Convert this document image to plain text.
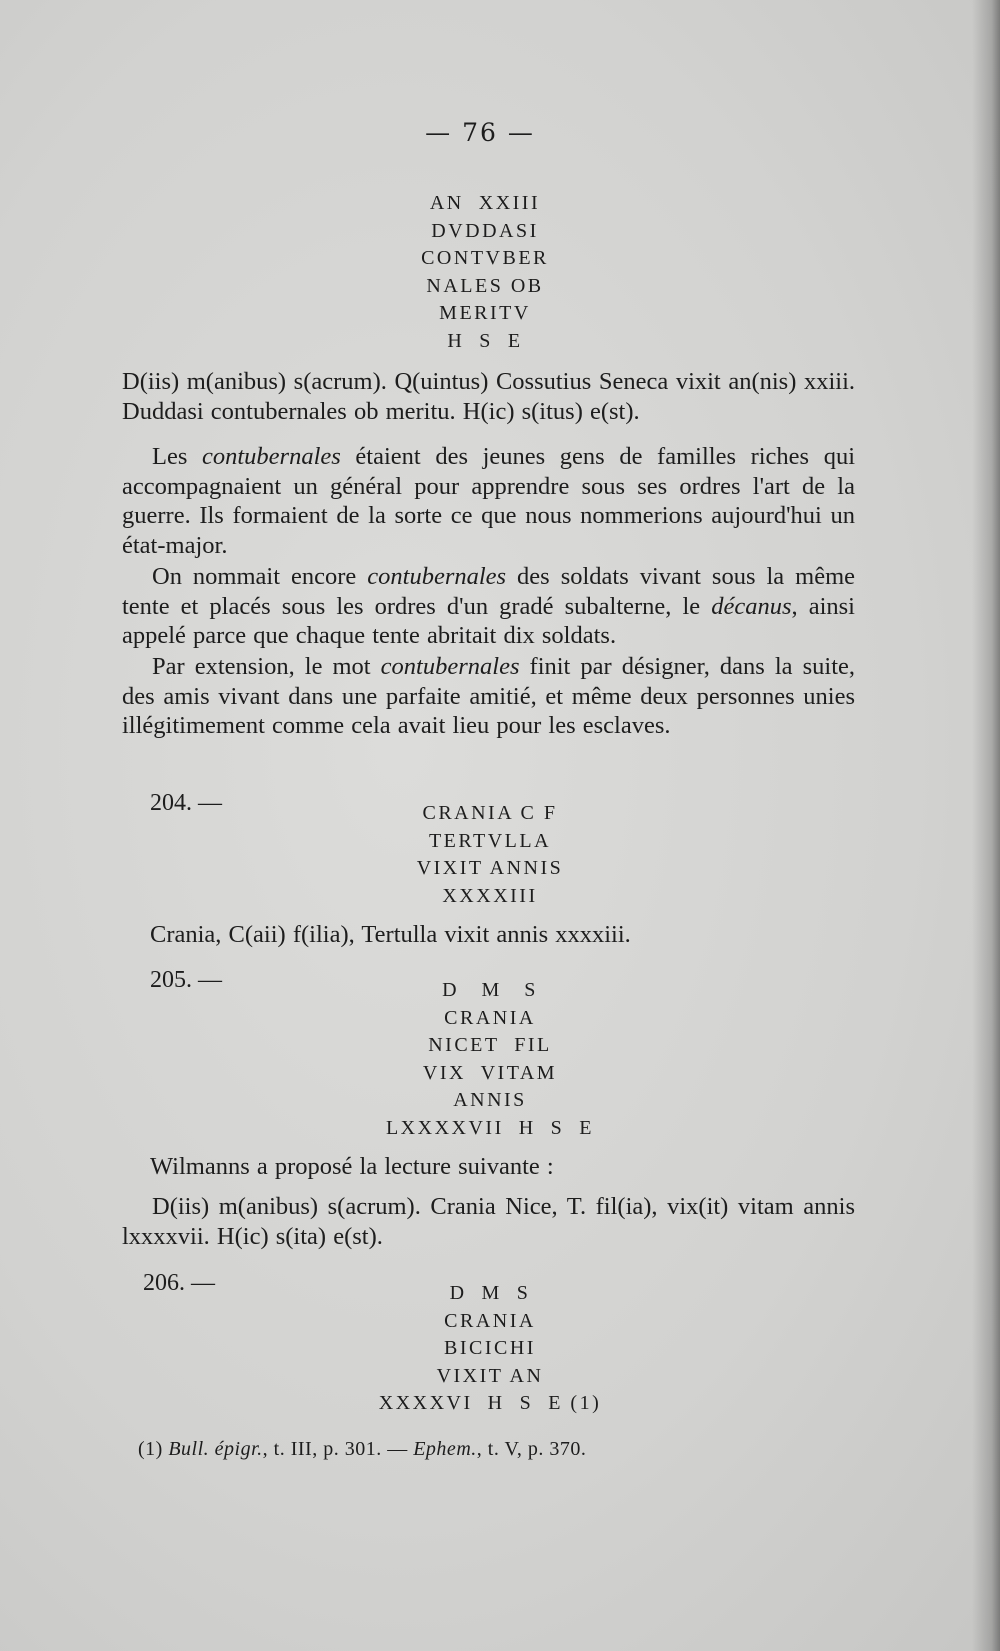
— 76 —
AN  XXIII
DVDDASI
CONTVBER
NALES OB
MERITV
H  S  E
D(iis) m(anibus) s(acrum). Q(uintus) Cossutius Seneca vixit an(nis) xxiii. Duddasi contubernales ob meritu. H(ic) s(itus) e(st).
Les contubernales étaient des jeunes gens de familles riches qui accompagnaient un général pour apprendre sous ses ordres l'art de la guerre. Ils formaient de la sorte ce que nous nommerions aujourd'hui un état-major.
On nommait encore contubernales des soldats vivant sous la même tente et placés sous les ordres d'un gradé subalterne, le décanus, ainsi appelé parce que chaque tente abritait dix soldats.
Par extension, le mot contubernales finit par désigner, dans la suite, des amis vivant dans une parfaite amitié, et même deux personnes unies illégitimement comme cela avait lieu pour les esclaves.
204. —	CRANIA C F
TERTVLLA
VIXIT ANNIS
XXXXIII
Crania, C(aii) f(ilia), Tertulla vixit annis xxxxiii.
205. —	D   M   S
CRANIA
NICET  FIL
VIX  VITAM
ANNIS
LXXXXVII  H  S  E
Wilmanns a proposé la lecture suivante :
D(iis) m(anibus) s(acrum). Crania Nice, T. fil(ia), vix(it) vitam annis lxxxxvii. H(ic) s(ita) e(st).
206. —	D  M  S
CRANIA
BICICHI
VIXIT AN
XXXXVI  H  S  E (1)
(1) Bull. épigr., t. III, p. 301. — Ephem., t. V, p. 370.
